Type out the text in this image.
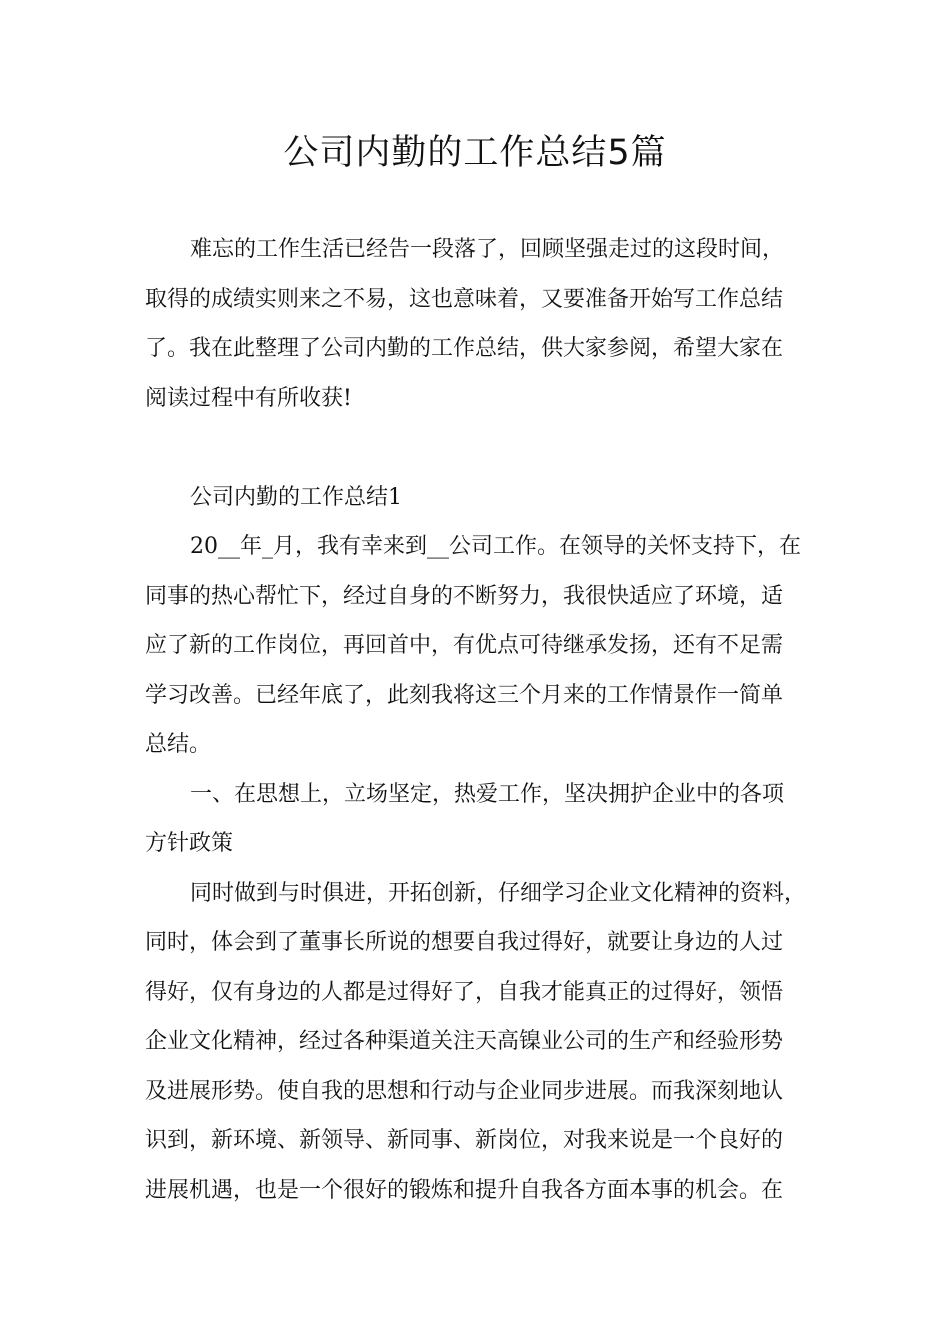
公司内勤的工作总结5篇
难忘的工作生活已经告一段落了，回顾坚强走过的这段时间，
取得的成绩实则来之不易，这也意味着，又要准备开始写工作总结
了。我在此整理了公司内勤的工作总结，供大家参阅，希望大家在
阅读过程中有所收获!
公司内勤的工作总结1
20__年_月，我有幸来到__公司工作。在领导的关怀支持下，在
同事的热心帮忙下，经过自身的不断努力，我很快适应了环境，适
应了新的工作岗位，再回首中，有优点可待继承发扬，还有不足需
学习改善。已经年底了，此刻我将这三个月来的工作情景作一简单
总结。
一、在思想上，立场坚定，热爱工作，坚决拥护企业中的各项
方针政策
同时做到与时俱进，开拓创新，仔细学习企业文化精神的资料，
同时，体会到了董事长所说的想要自我过得好，就要让身边的人过
得好，仅有身边的人都是过得好了，自我才能真正的过得好，领悟
企业文化精神，经过各种渠道关注天高镍业公司的生产和经验形势
及进展形势。使自我的思想和行动与企业同步进展。而我深刻地认
识到，新环境、新领导、新同事、新岗位，对我来说是一个良好的
进展机遇，也是一个很好的锻炼和提升自我各方面本事的机会。在
